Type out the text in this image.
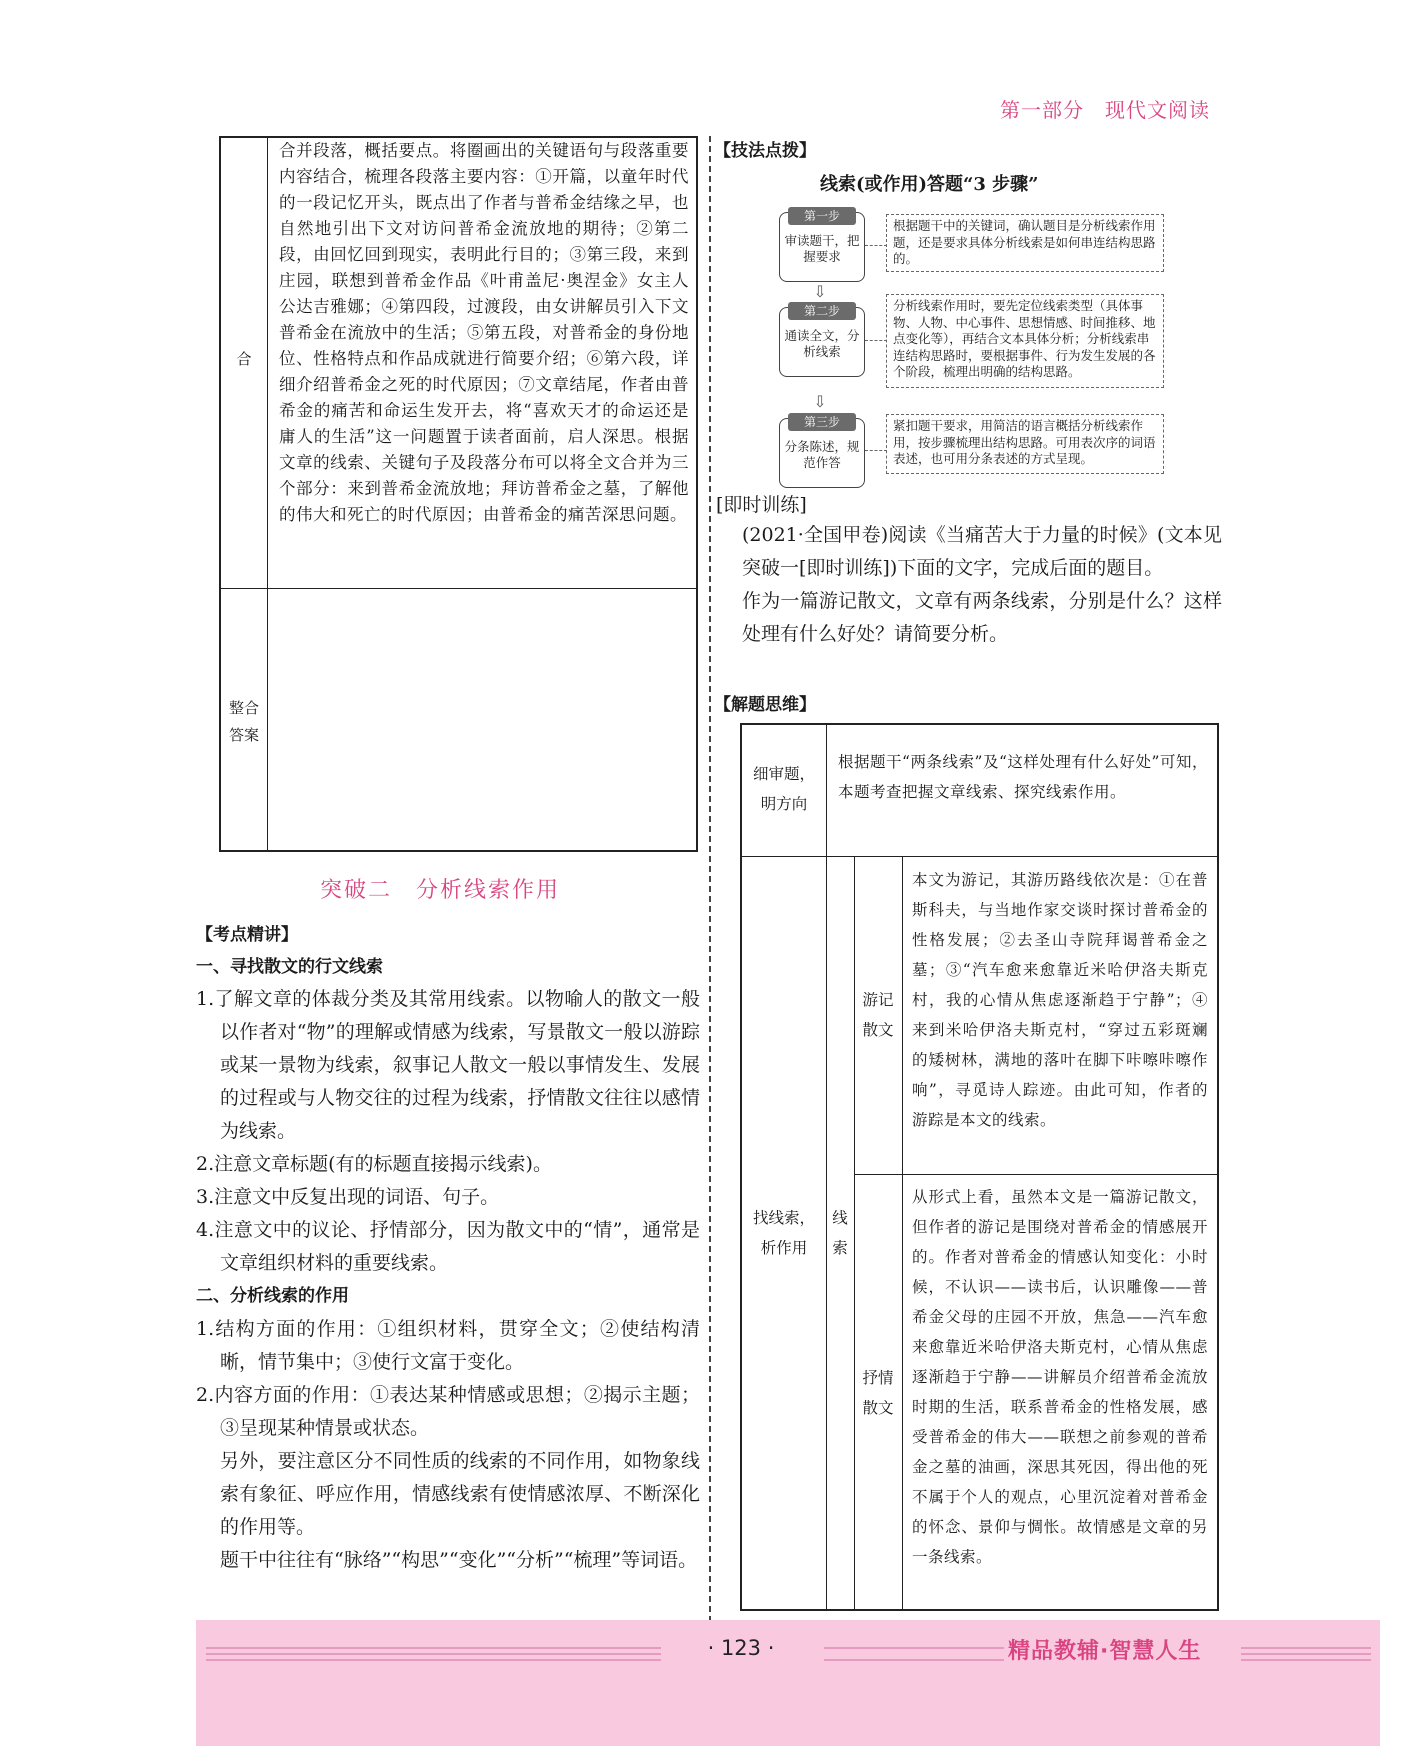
第一部分　现代文阅读
合
合并段落，概括要点。将圈画出的关键语句与段落重要内容结合，梳理各段落主要内容：①开篇，以童年时代的一段记忆开头，既点出了作者与普希金结缘之早，也自然地引出下文对访问普希金流放地的期待；②第二段，由回忆回到现实，表明此行目的；③第三段，来到庄园，联想到普希金作品《叶甫盖尼·奥涅金》女主人公达吉雅娜；④第四段，过渡段，由女讲解员引入下文普希金在流放中的生活；⑤第五段，对普希金的身份地位、性格特点和作品成就进行简要介绍；⑥第六段，详细介绍普希金之死的时代原因；⑦文章结尾，作者由普希金的痛苦和命运生发开去，将“喜欢天才的命运还是庸人的生活”这一问题置于读者面前，启人深思。根据文章的线索、关键句子及段落分布可以将全文合并为三个部分：来到普希金流放地；拜访普希金之墓，了解他的伟大和死亡的时代原因；由普希金的痛苦深思问题。
整合
答案
突破二　分析线索作用
【考点精讲】
一、寻找散文的行文线索

1.了解文章的体裁分类及其常用线索。以物喻人的散文一般以作者对“物”的理解或情感为线索，写景散文一般以游踪或某一景物为线索，叙事记人散文一般以事情发生、发展的过程或与人物交往的过程为线索，抒情散文往往以感情为线索。

2.注意文章标题(有的标题直接揭示线索)。

3.注意文中反复出现的词语、句子。

4.注意文中的议论、抒情部分，因为散文中的“情”，通常是文章组织材料的重要线索。

二、分析线索的作用

1.结构方面的作用：①组织材料，贯穿全文；②使结构清晰，情节集中；③使行文富于变化。

2.内容方面的作用：①表达某种情感或思想；②揭示主题；③呈现某种情景或状态。

另外，要注意区分不同性质的线索的不同作用，如物象线索有象征、呼应作用，情感线索有使情感浓厚、不断深化的作用等。

题干中往往有“脉络”“构思”“变化”“分析”“梳理”等词语。

【技法点拨】
线索(或作用)答题“3 步骤”
第一步
审读题干，把握要求
根据题干中的关键词，确认题目是分析线索作用题，还是要求具体分析线索是如何串连结构思路的。
⇩
第二步
通读全文，分析线索
分析线索作用时，要先定位线索类型（具体事物、人物、中心事件、思想情感、时间推移、地点变化等），再结合文本具体分析；分析线索串连结构思路时，要根据事件、行为发生发展的各个阶段，梳理出明确的结构思路。
⇩
第三步
分条陈述，规范作答
紧扣题干要求，用简洁的语言概括分析线索作用，按步骤梳理出结构思路。可用表次序的词语表述，也可用分条表述的方式呈现。
[即时训练]

(2021·全国甲卷)阅读《当痛苦大于力量的时候》(文本见突破一[即时训练])下面的文字，完成后面的题目。

作为一篇游记散文，文章有两条线索，分别是什么？这样处理有什么好处？请简要分析。

【解题思维】
细审题，明方向
根据题干“两条线索”及“这样处理有什么好处”可知，本题考查把握文章线索、探究线索作用。
找线索，析作用
线索
游记散文
本文为游记，其游历路线依次是：①在普斯科夫，与当地作家交谈时探讨普希金的性格发展；②去圣山寺院拜谒普希金之墓；③“汽车愈来愈靠近米哈伊洛夫斯克村，我的心情从焦虑逐渐趋于宁静”；④来到米哈伊洛夫斯克村，“穿过五彩斑斓的矮树林，满地的落叶在脚下咔嚓咔嚓作响”，寻觅诗人踪迹。由此可知，作者的游踪是本文的线索。
抒情散文
从形式上看，虽然本文是一篇游记散文，但作者的游记是围绕对普希金的情感展开的。作者对普希金的情感认知变化：小时候，不认识——读书后，认识雕像——普希金父母的庄园不开放，焦急——汽车愈来愈靠近米哈伊洛夫斯克村，心情从焦虑逐渐趋于宁静——讲解员介绍普希金流放时期的生活，联系普希金的性格发展，感受普希金的伟大——联想之前参观的普希金之墓的油画，深思其死因，得出他的死不属于个人的观点，心里沉淀着对普希金的怀念、景仰与惆怅。故情感是文章的另一条线索。
· 123 ·	精品教辅·智慧人生
